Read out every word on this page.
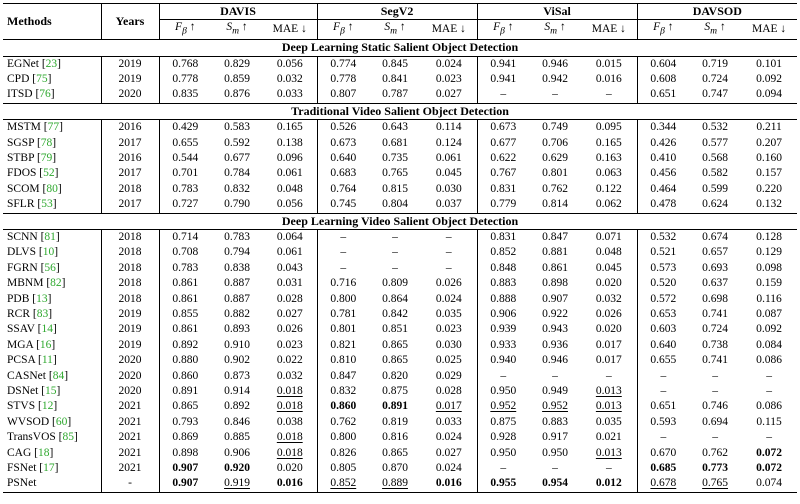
Methods	Years	DAVIS			SegV2			ViSal			DAVSOD		
		$F_\beta$ ↑	$S_m$ ↑	MAE ↓	$F_\beta$ ↑	$S_m$ ↑	MAE ↓	$F_\beta$ ↑	$S_m$ ↑	MAE ↓	$F_\beta$ ↑	$S_m$ ↑	MAE ↓
Deep Learning Static Salient Object Detection													
EGNet [23]	2019	0.768	0.829	0.056	0.774	0.845	0.024	0.941	0.946	0.015	0.604	0.719	0.101
CPD [75]	2019	0.778	0.859	0.032	0.778	0.841	0.023	0.941	0.942	0.016	0.608	0.724	0.092
ITSD [76]	2020	0.835	0.876	0.033	0.807	0.787	0.027	–	–	–	0.651	0.747	0.094
Traditional Video Salient Object Detection													
MSTM [77]	2016	0.429	0.583	0.165	0.526	0.643	0.114	0.673	0.749	0.095	0.344	0.532	0.211
SGSP [78]	2017	0.655	0.592	0.138	0.673	0.681	0.124	0.677	0.706	0.165	0.426	0.577	0.207
STBP [79]	2016	0.544	0.677	0.096	0.640	0.735	0.061	0.622	0.629	0.163	0.410	0.568	0.160
FDOS [52]	2017	0.701	0.784	0.061	0.683	0.765	0.045	0.767	0.801	0.063	0.456	0.582	0.157
SCOM [80]	2018	0.783	0.832	0.048	0.764	0.815	0.030	0.831	0.762	0.122	0.464	0.599	0.220
SFLR [53]	2017	0.727	0.790	0.056	0.745	0.804	0.037	0.779	0.814	0.062	0.478	0.624	0.132
Deep Learning Video Salient Object Detection													
SCNN [81]	2018	0.714	0.783	0.064	–	–	–	0.831	0.847	0.071	0.532	0.674	0.128
DLVS [10]	2018	0.708	0.794	0.061	–	–	–	0.852	0.881	0.048	0.521	0.657	0.129
FGRN [56]	2018	0.783	0.838	0.043	–	–	–	0.848	0.861	0.045	0.573	0.693	0.098
MBNM [82]	2018	0.861	0.887	0.031	0.716	0.809	0.026	0.883	0.898	0.020	0.520	0.637	0.159
PDB [13]	2018	0.861	0.887	0.028	0.800	0.864	0.024	0.888	0.907	0.032	0.572	0.698	0.116
RCR [83]	2019	0.855	0.882	0.027	0.781	0.842	0.035	0.906	0.922	0.026	0.653	0.741	0.087
SSAV [14]	2019	0.861	0.893	0.026	0.801	0.851	0.023	0.939	0.943	0.020	0.603	0.724	0.092
MGA [16]	2019	0.892	0.910	0.023	0.821	0.865	0.030	0.933	0.936	0.017	0.640	0.738	0.084
PCSA [11]	2020	0.880	0.902	0.022	0.810	0.865	0.025	0.940	0.946	0.017	0.655	0.741	0.086
CASNet [84]	2020	0.860	0.873	0.032	0.847	0.820	0.029	–	–	–	–	–	–
DSNet [15]	2020	0.891	0.914	0.018	0.832	0.875	0.028	0.950	0.949	0.013	–	–	–
STVS [12]	2021	0.865	0.892	0.018	0.860	0.891	0.017	0.952	0.952	0.013	0.651	0.746	0.086
WVSOD [60]	2021	0.793	0.846	0.038	0.762	0.819	0.033	0.875	0.883	0.035	0.593	0.694	0.115
TransVOS [85]	2021	0.869	0.885	0.018	0.800	0.816	0.024	0.928	0.917	0.021	–	–	–
CAG [18]	2021	0.898	0.906	0.018	0.826	0.865	0.027	0.950	0.950	0.013	0.670	0.762	0.072
FSNet [17]	2021	0.907	0.920	0.020	0.805	0.870	0.024	–	–	–	0.685	0.773	0.072
PSNet	-	0.907	0.919	0.016	0.852	0.889	0.016	0.955	0.954	0.012	0.678	0.765	0.074
